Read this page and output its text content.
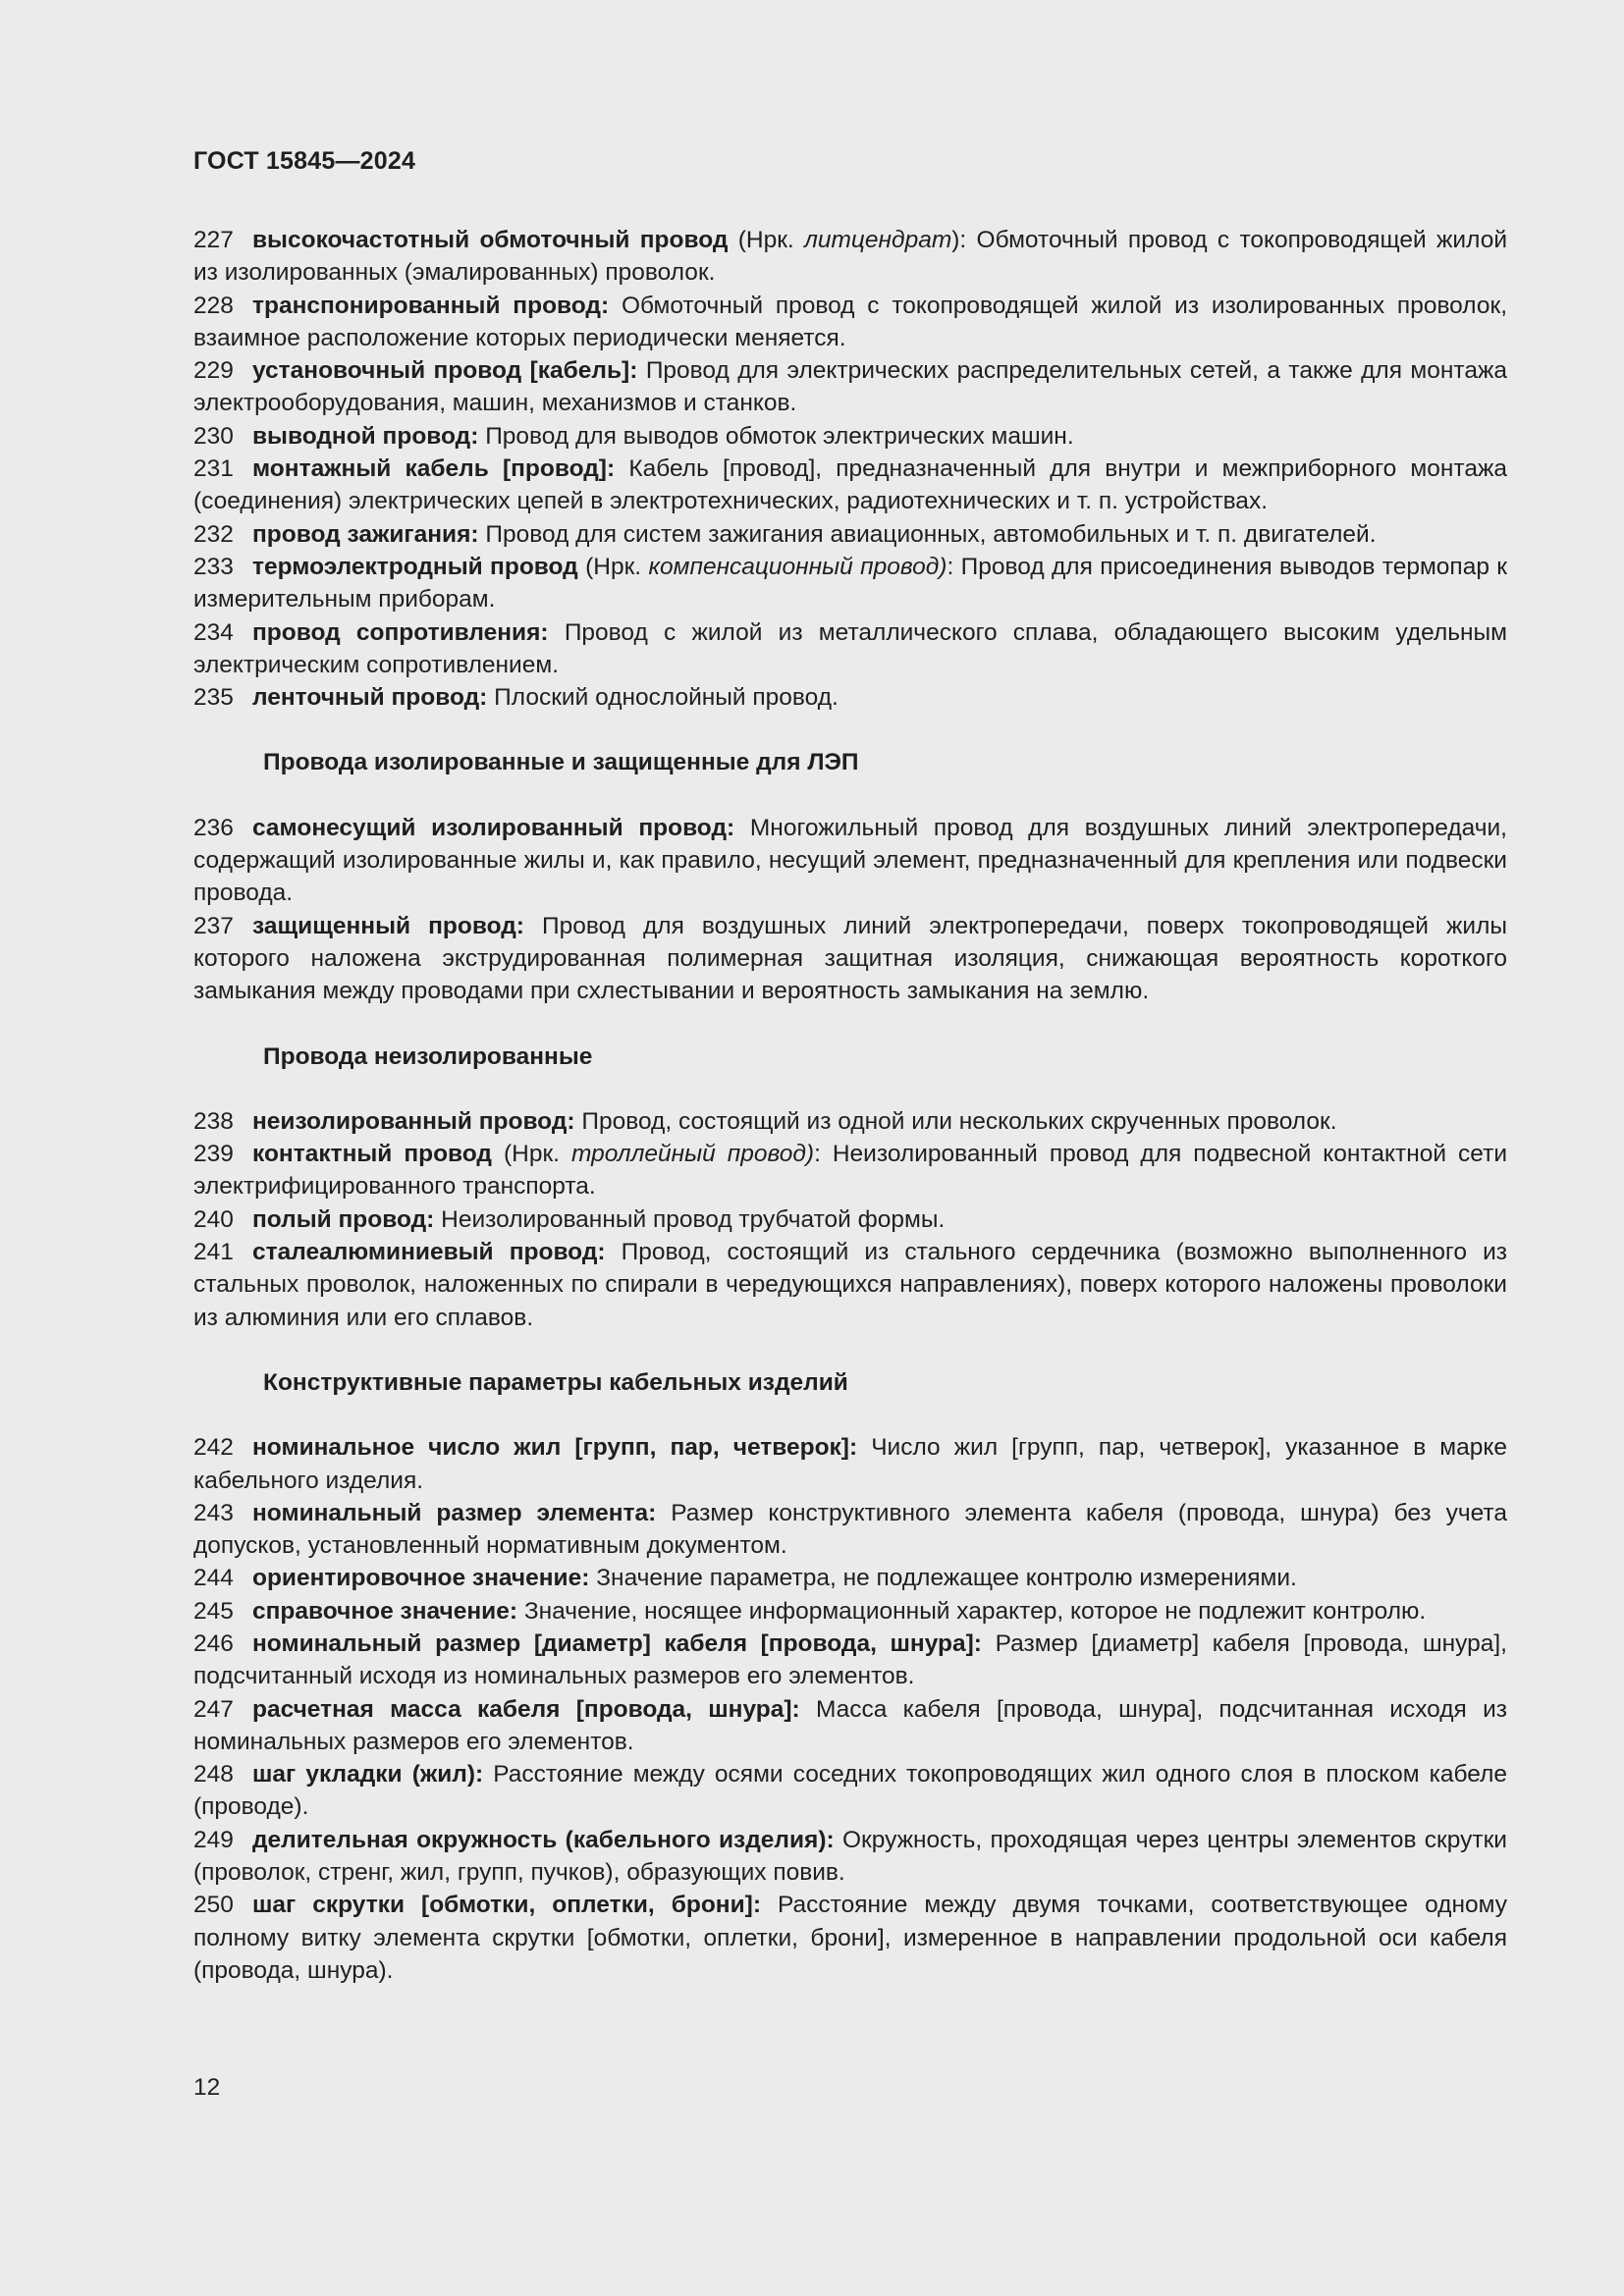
ГОСТ 15845—2024

227 высокочастотный обмоточный провод (Нрк. литцендрат): Обмоточный провод с токопроводящей жилой из изолированных (эмалированных) проволок.

228 транспонированный провод: Обмоточный провод с токопроводящей жилой из изолированных проволок, взаимное расположение которых периодически меняется.

229 установочный провод [кабель]: Провод для электрических распределительных сетей, а также для монтажа электрооборудования, машин, механизмов и станков.

230 выводной провод: Провод для выводов обмоток электрических машин.

231 монтажный кабель [провод]: Кабель [провод], предназначенный для внутри и межприборного монтажа (соединения) электрических цепей в электротехнических, радиотехнических и т. п. устройствах.

232 провод зажигания: Провод для систем зажигания авиационных, автомобильных и т. п. двигателей.

233 термоэлектродный провод (Нрк. компенсационный провод): Провод для присоединения выводов термопар к измерительным приборам.

234 провод сопротивления: Провод с жилой из металлического сплава, обладающего высоким удельным электрическим сопротивлением.

235 ленточный провод: Плоский однослойный провод.

Провода изолированные и защищенные для ЛЭП

236 самонесущий изолированный провод: Многожильный провод для воздушных линий электропередачи, содержащий изолированные жилы и, как правило, несущий элемент, предназначенный для крепления или подвески провода.

237 защищенный провод: Провод для воздушных линий электропередачи, поверх токопроводящей жилы которого наложена экструдированная полимерная защитная изоляция, снижающая вероятность короткого замыкания между проводами при схлестывании и вероятность замыкания на землю.

Провода неизолированные

238 неизолированный провод: Провод, состоящий из одной или нескольких скрученных проволок.

239 контактный провод (Нрк. троллейный провод): Неизолированный провод для подвесной контактной сети электрифицированного транспорта.

240 полый провод: Неизолированный провод трубчатой формы.

241 сталеалюминиевый провод: Провод, состоящий из стального сердечника (возможно выполненного из стальных проволок, наложенных по спирали в чередующихся направлениях), поверх которого наложены проволоки из алюминия или его сплавов.

Конструктивные параметры кабельных изделий

242 номинальное число жил [групп, пар, четверок]: Число жил [групп, пар, четверок], указанное в марке кабельного изделия.

243 номинальный размер элемента: Размер конструктивного элемента кабеля (провода, шнура) без учета допусков, установленный нормативным документом.

244 ориентировочное значение: Значение параметра, не подлежащее контролю измерениями.

245 справочное значение: Значение, носящее информационный характер, которое не подлежит контролю.

246 номинальный размер [диаметр] кабеля [провода, шнура]: Размер [диаметр] кабеля [провода, шнура], подсчитанный исходя из номинальных размеров его элементов.

247 расчетная масса кабеля [провода, шнура]: Масса кабеля [провода, шнура], подсчитанная исходя из номинальных размеров его элементов.

248 шаг укладки (жил): Расстояние между осями соседних токопроводящих жил одного слоя в плоском кабеле (проводе).

249 делительная окружность (кабельного изделия): Окружность, проходящая через центры элементов скрутки (проволок, стренг, жил, групп, пучков), образующих повив.

250 шаг скрутки [обмотки, оплетки, брони]: Расстояние между двумя точками, соответствующее одному полному витку элемента скрутки [обмотки, оплетки, брони], измеренное в направлении продольной оси кабеля (провода, шнура).

12
